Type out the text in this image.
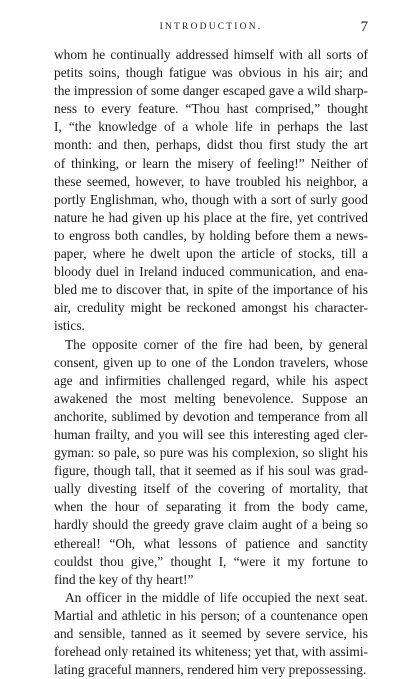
INTRODUCTION.	7
whom he continually addressed himself with all sorts of
petits soins, though fatigue was obvious in his air; and
the impression of some danger escaped gave a wild sharp-
ness to every feature. “Thou hast comprised,” thought
I, “the knowledge of a whole life in perhaps the last
month: and then, perhaps, didst thou first study the art
of thinking, or learn the misery of feeling!” Neither of
these seemed, however, to have troubled his neighbor, a
portly Englishman, who, though with a sort of surly good
nature he had given up his place at the fire, yet contrived
to engross both candles, by holding before them a news-
paper, where he dwelt upon the article of stocks, till a
bloody duel in Ireland induced communication, and ena-
bled me to discover that, in spite of the importance of his
air, credulity might be reckoned amongst his character-
istics.
The opposite corner of the fire had been, by general
consent, given up to one of the London travelers, whose
age and infirmities challenged regard, while his aspect
awakened the most melting benevolence. Suppose an
anchorite, sublimed by devotion and temperance from all
human frailty, and you will see this interesting aged cler-
gyman: so pale, so pure was his complexion, so slight his
figure, though tall, that it seemed as if his soul was grad-
ually divesting itself of the covering of mortality, that
when the hour of separating it from the body came,
hardly should the greedy grave claim aught of a being so
ethereal! “Oh, what lessons of patience and sanctity
couldst thou give,” thought I, “were it my fortune to
find the key of thy heart!”
An officer in the middle of life occupied the next seat.
Martial and athletic in his person; of a countenance open
and sensible, tanned as it seemed by severe service, his
forehead only retained its whiteness; yet that, with assimi-
lating graceful manners, rendered him very prepossessing.
